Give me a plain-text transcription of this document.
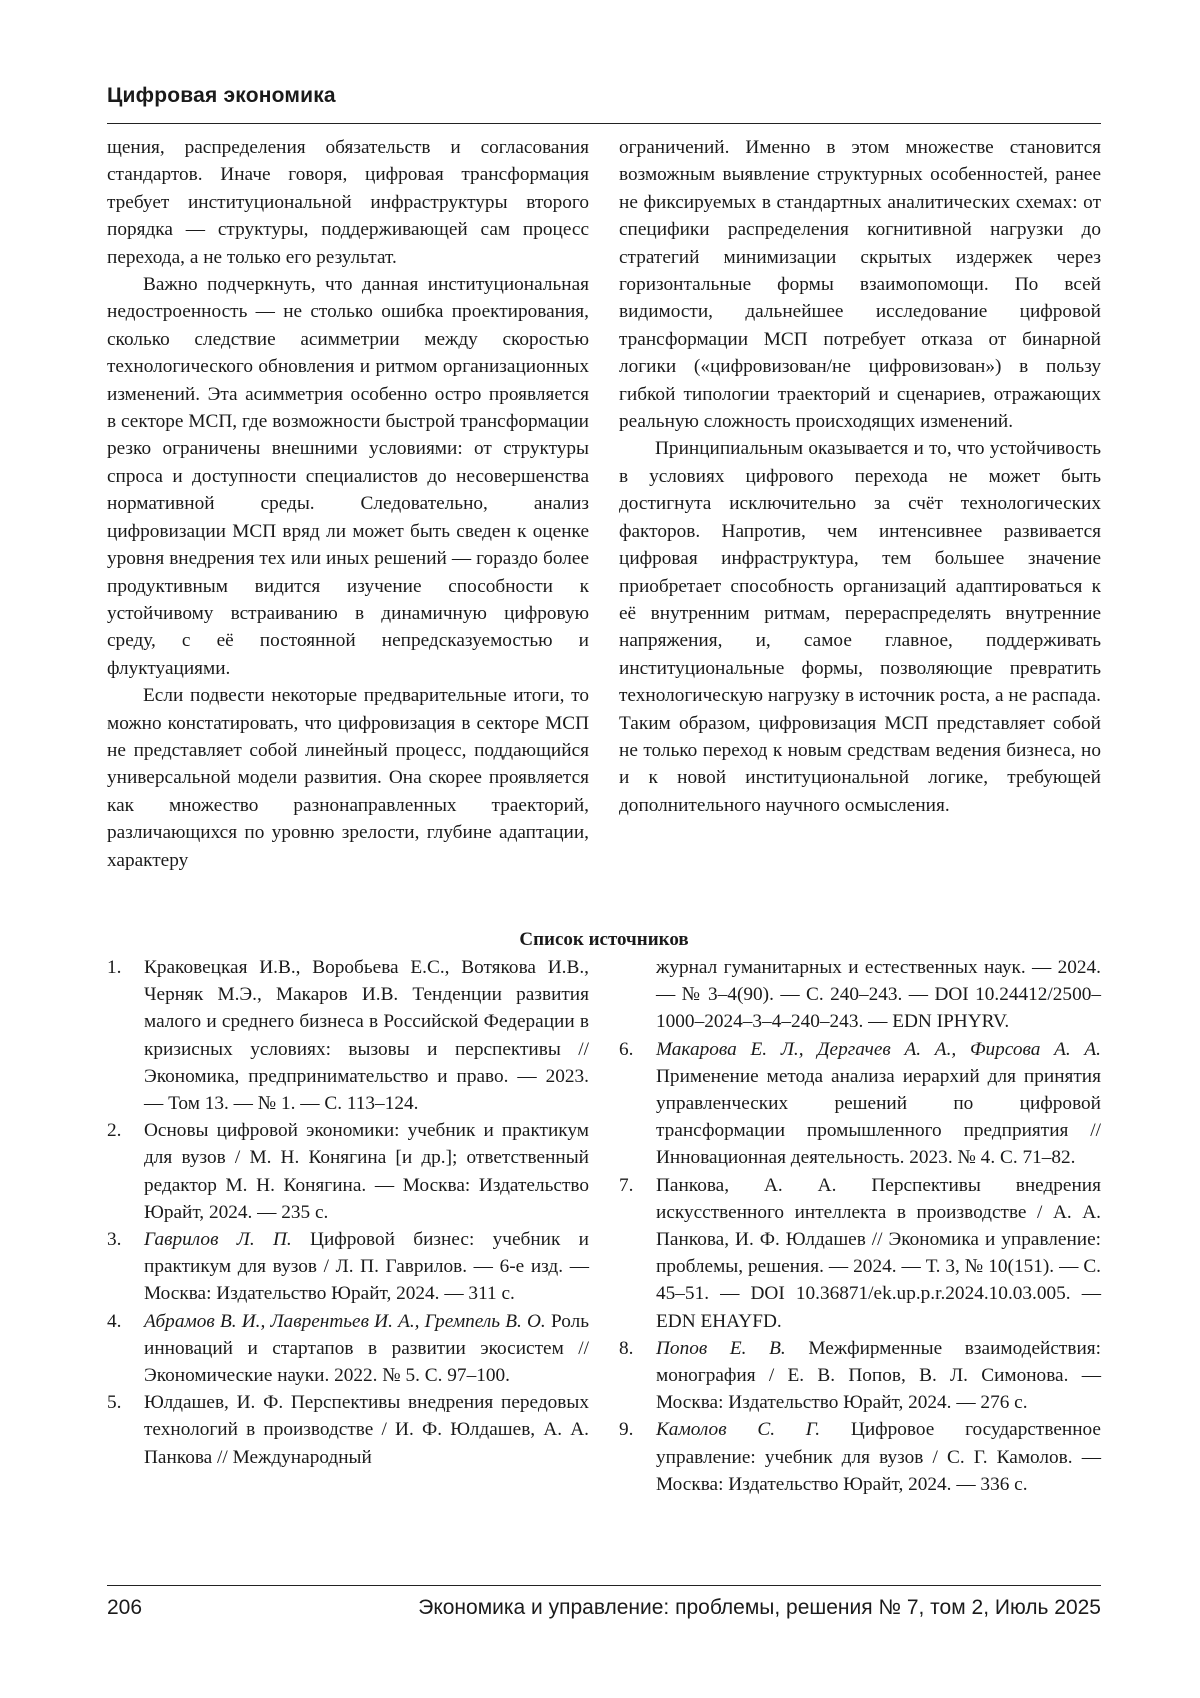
Цифровая экономика

щения, распределения обязательств и согласования стандартов. Иначе говоря, цифровая трансформация требует институциональной инфраструктуры второго порядка — структуры, поддерживающей сам процесс перехода, а не только его результат.

Важно подчеркнуть, что данная институциональная недостроенность — не столько ошибка проектирования, сколько следствие асимметрии между скоростью технологического обновления и ритмом организационных изменений. Эта асимметрия особенно остро проявляется в секторе МСП, где возможности быстрой трансформации резко ограничены внешними условиями: от структуры спроса и доступности специалистов до несовершенства нормативной среды. Следовательно, анализ цифровизации МСП вряд ли может быть сведен к оценке уровня внедрения тех или иных решений — гораздо более продуктивным видится изучение способности к устойчивому встраиванию в динамичную цифровую среду, с её постоянной непредсказуемостью и флуктуациями.

Если подвести некоторые предварительные итоги, то можно констатировать, что цифровизация в секторе МСП не представляет собой линейный процесс, поддающийся универсальной модели развития. Она скорее проявляется как множество разнонаправленных траекторий, различающихся по уровню зрелости, глубине адаптации, характеру

ограничений. Именно в этом множестве становится возможным выявление структурных особенностей, ранее не фиксируемых в стандартных аналитических схемах: от специфики распределения когнитивной нагрузки до стратегий минимизации скрытых издержек через горизонтальные формы взаимопомощи. По всей видимости, дальнейшее исследование цифровой трансформации МСП потребует отказа от бинарной логики («цифровизован/не цифровизован») в пользу гибкой типологии траекторий и сценариев, отражающих реальную сложность происходящих изменений.

Принципиальным оказывается и то, что устойчивость в условиях цифрового перехода не может быть достигнута исключительно за счёт технологических факторов. Напротив, чем интенсивнее развивается цифровая инфраструктура, тем большее значение приобретает способность организаций адаптироваться к её внутренним ритмам, перераспределять внутренние напряжения, и, самое главное, поддерживать институциональные формы, позволяющие превратить технологическую нагрузку в источник роста, а не распада. Таким образом, цифровизация МСП представляет собой не только переход к новым средствам ведения бизнеса, но и к новой институциональной логике, требующей дополнительного научного осмысления.

Список источников
1.	Краковецкая И.В., Воробьева Е.С., Вотякова И.В., Черняк М.Э., Макаров И.В. Тенденции развития малого и среднего бизнеса в Российской Федерации в кризисных условиях: вызовы и перспективы // Экономика, предпринимательство и право. — 2023. — Том 13. — № 1. — С. 113–124.
2.	Основы цифровой экономики: учебник и практикум для вузов / М. Н. Конягина [и др.]; ответственный редактор М. Н. Конягина. — Москва: Издательство Юрайт, 2024. — 235 с.
3.	Гаврилов Л. П. Цифровой бизнес: учебник и практикум для вузов / Л. П. Гаврилов. — 6-е изд. — Москва: Издательство Юрайт, 2024. — 311 с.
4.	Абрамов В. И., Лаврентьев И. А., Гремпель В. О. Роль инноваций и стартапов в развитии экосистем // Экономические науки. 2022. № 5. С. 97–100.
5.	Юлдашев, И. Ф. Перспективы внедрения передовых технологий в производстве / И. Ф. Юлдашев, А. А. Панкова // Международный
журнал гуманитарных и естественных наук. — 2024. — № 3–4(90). — С. 240–243. — DOI 10.24412/2500–1000–2024–3–4–240–243. — EDN IPHYRV.
6.	Макарова Е. Л., Дергачев А. А., Фирсова А. А. Применение метода анализа иерархий для принятия управленческих решений по цифровой трансформации промышленного предприятия // Инновационная деятельность. 2023. № 4. С. 71–82.
7.	Панкова, А. А. Перспективы внедрения искусственного интеллекта в производстве / А. А. Панкова, И. Ф. Юлдашев // Экономика и управление: проблемы, решения. — 2024. — Т. 3, № 10(151). — С. 45–51. — DOI 10.36871/ek.up.p.r.2024.10.03.005. — EDN EHAYFD.
8.	Попов Е. В. Межфирменные взаимодействия: монография / Е. В. Попов, В. Л. Симонова. — Москва: Издательство Юрайт, 2024. — 276 с.
9.	Камолов С. Г. Цифровое государственное управление: учебник для вузов / С. Г. Камолов. — Москва: Издательство Юрайт, 2024. — 336 с.
206	Экономика и управление: проблемы, решения № 7, том 2, Июль 2025
